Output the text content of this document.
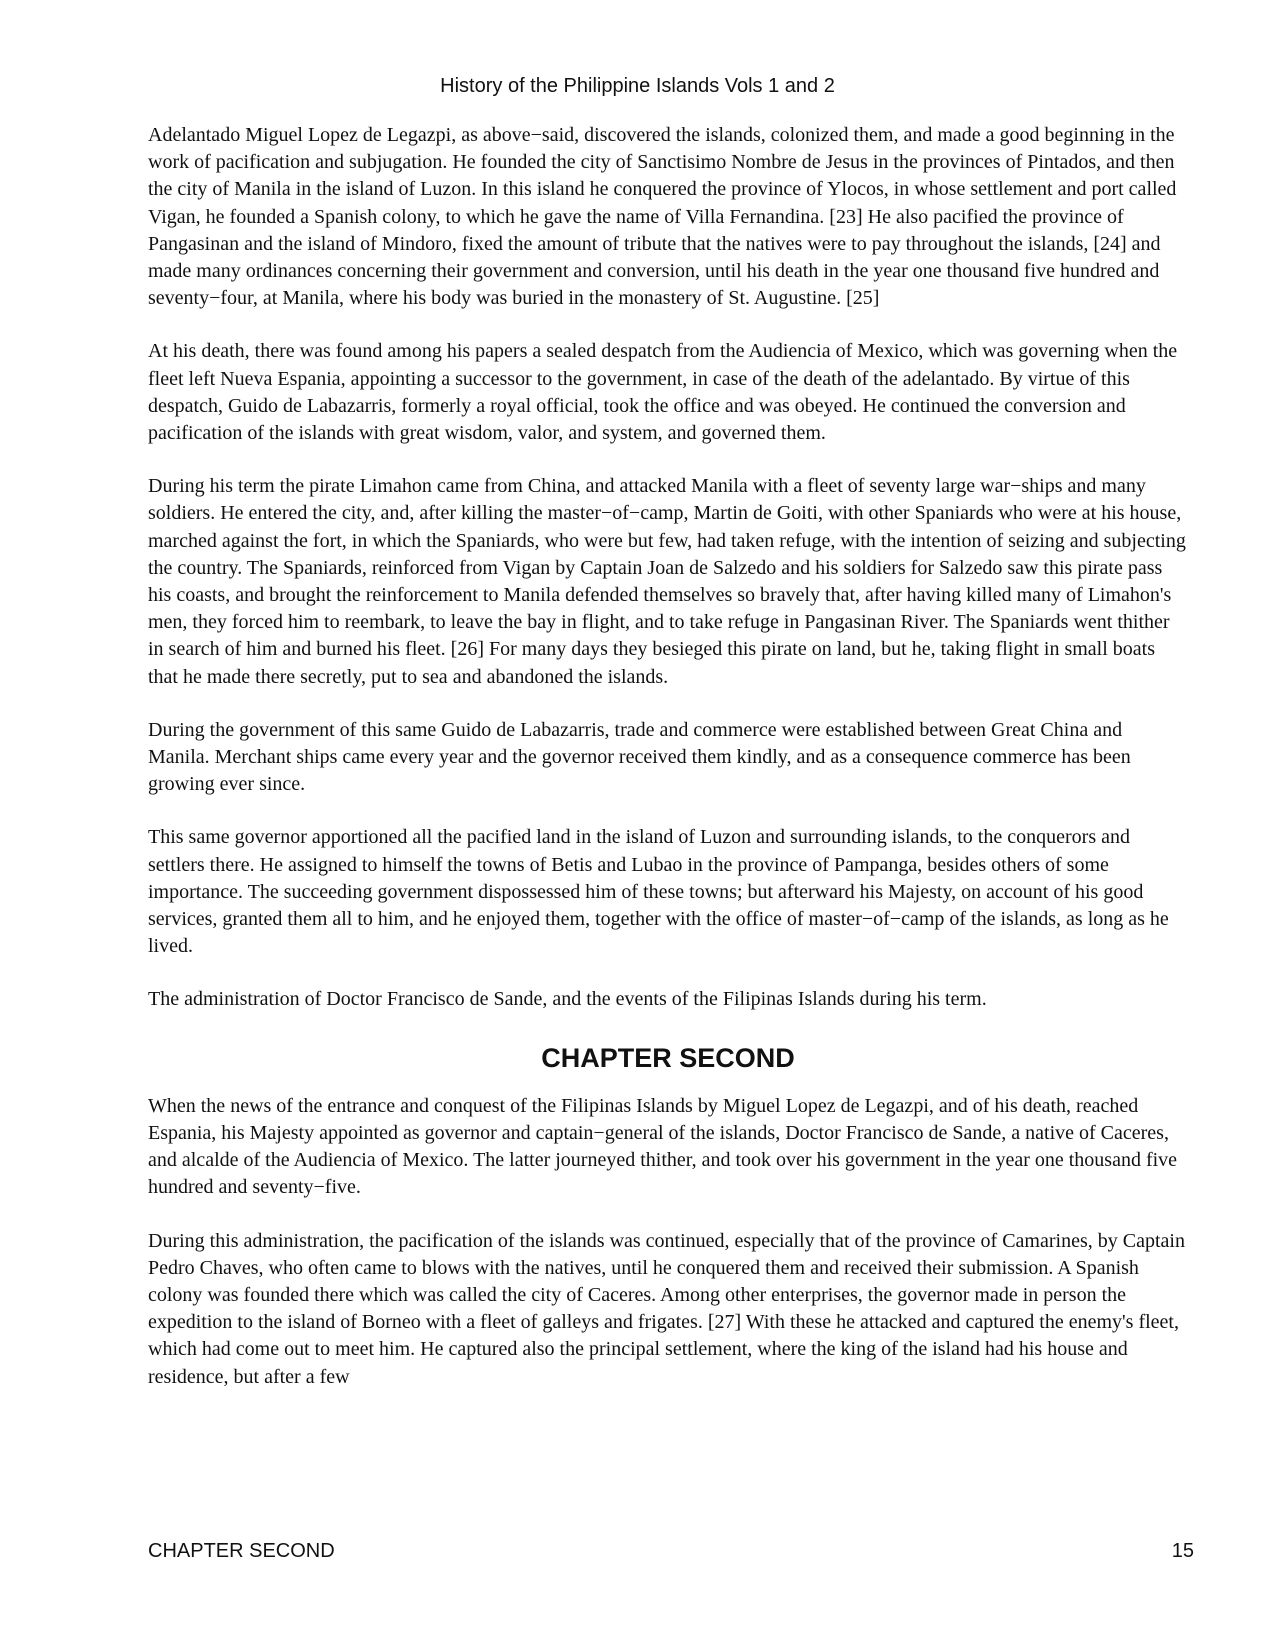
History of the Philippine Islands Vols 1 and 2

Adelantado Miguel Lopez de Legazpi, as above−said, discovered the islands, colonized them, and made a good beginning in the work of pacification and subjugation. He founded the city of Sanctisimo Nombre de Jesus in the provinces of Pintados, and then the city of Manila in the island of Luzon. In this island he conquered the province of Ylocos, in whose settlement and port called Vigan, he founded a Spanish colony, to which he gave the name of Villa Fernandina. [23] He also pacified the province of Pangasinan and the island of Mindoro, fixed the amount of tribute that the natives were to pay throughout the islands, [24] and made many ordinances concerning their government and conversion, until his death in the year one thousand five hundred and seventy−four, at Manila, where his body was buried in the monastery of St. Augustine. [25]

At his death, there was found among his papers a sealed despatch from the Audiencia of Mexico, which was governing when the fleet left Nueva Espania, appointing a successor to the government, in case of the death of the adelantado. By virtue of this despatch, Guido de Labazarris, formerly a royal official, took the office and was obeyed. He continued the conversion and pacification of the islands with great wisdom, valor, and system, and governed them.

During his term the pirate Limahon came from China, and attacked Manila with a fleet of seventy large war−ships and many soldiers. He entered the city, and, after killing the master−of−camp, Martin de Goiti, with other Spaniards who were at his house, marched against the fort, in which the Spaniards, who were but few, had taken refuge, with the intention of seizing and subjecting the country. The Spaniards, reinforced from Vigan by Captain Joan de Salzedo and his soldiers for Salzedo saw this pirate pass his coasts, and brought the reinforcement to Manila defended themselves so bravely that, after having killed many of Limahon's men, they forced him to reembark, to leave the bay in flight, and to take refuge in Pangasinan River. The Spaniards went thither in search of him and burned his fleet. [26] For many days they besieged this pirate on land, but he, taking flight in small boats that he made there secretly, put to sea and abandoned the islands.

During the government of this same Guido de Labazarris, trade and commerce were established between Great China and Manila. Merchant ships came every year and the governor received them kindly, and as a consequence commerce has been growing ever since.

This same governor apportioned all the pacified land in the island of Luzon and surrounding islands, to the conquerors and settlers there. He assigned to himself the towns of Betis and Lubao in the province of Pampanga, besides others of some importance. The succeeding government dispossessed him of these towns; but afterward his Majesty, on account of his good services, granted them all to him, and he enjoyed them, together with the office of master−of−camp of the islands, as long as he lived.

The administration of Doctor Francisco de Sande, and the events of the Filipinas Islands during his term.

CHAPTER SECOND

When the news of the entrance and conquest of the Filipinas Islands by Miguel Lopez de Legazpi, and of his death, reached Espania, his Majesty appointed as governor and captain−general of the islands, Doctor Francisco de Sande, a native of Caceres, and alcalde of the Audiencia of Mexico. The latter journeyed thither, and took over his government in the year one thousand five hundred and seventy−five.

During this administration, the pacification of the islands was continued, especially that of the province of Camarines, by Captain Pedro Chaves, who often came to blows with the natives, until he conquered them and received their submission. A Spanish colony was founded there which was called the city of Caceres. Among other enterprises, the governor made in person the expedition to the island of Borneo with a fleet of galleys and frigates. [27] With these he attacked and captured the enemy's fleet, which had come out to meet him. He captured also the principal settlement, where the king of the island had his house and residence, but after a few

CHAPTER SECOND	15
